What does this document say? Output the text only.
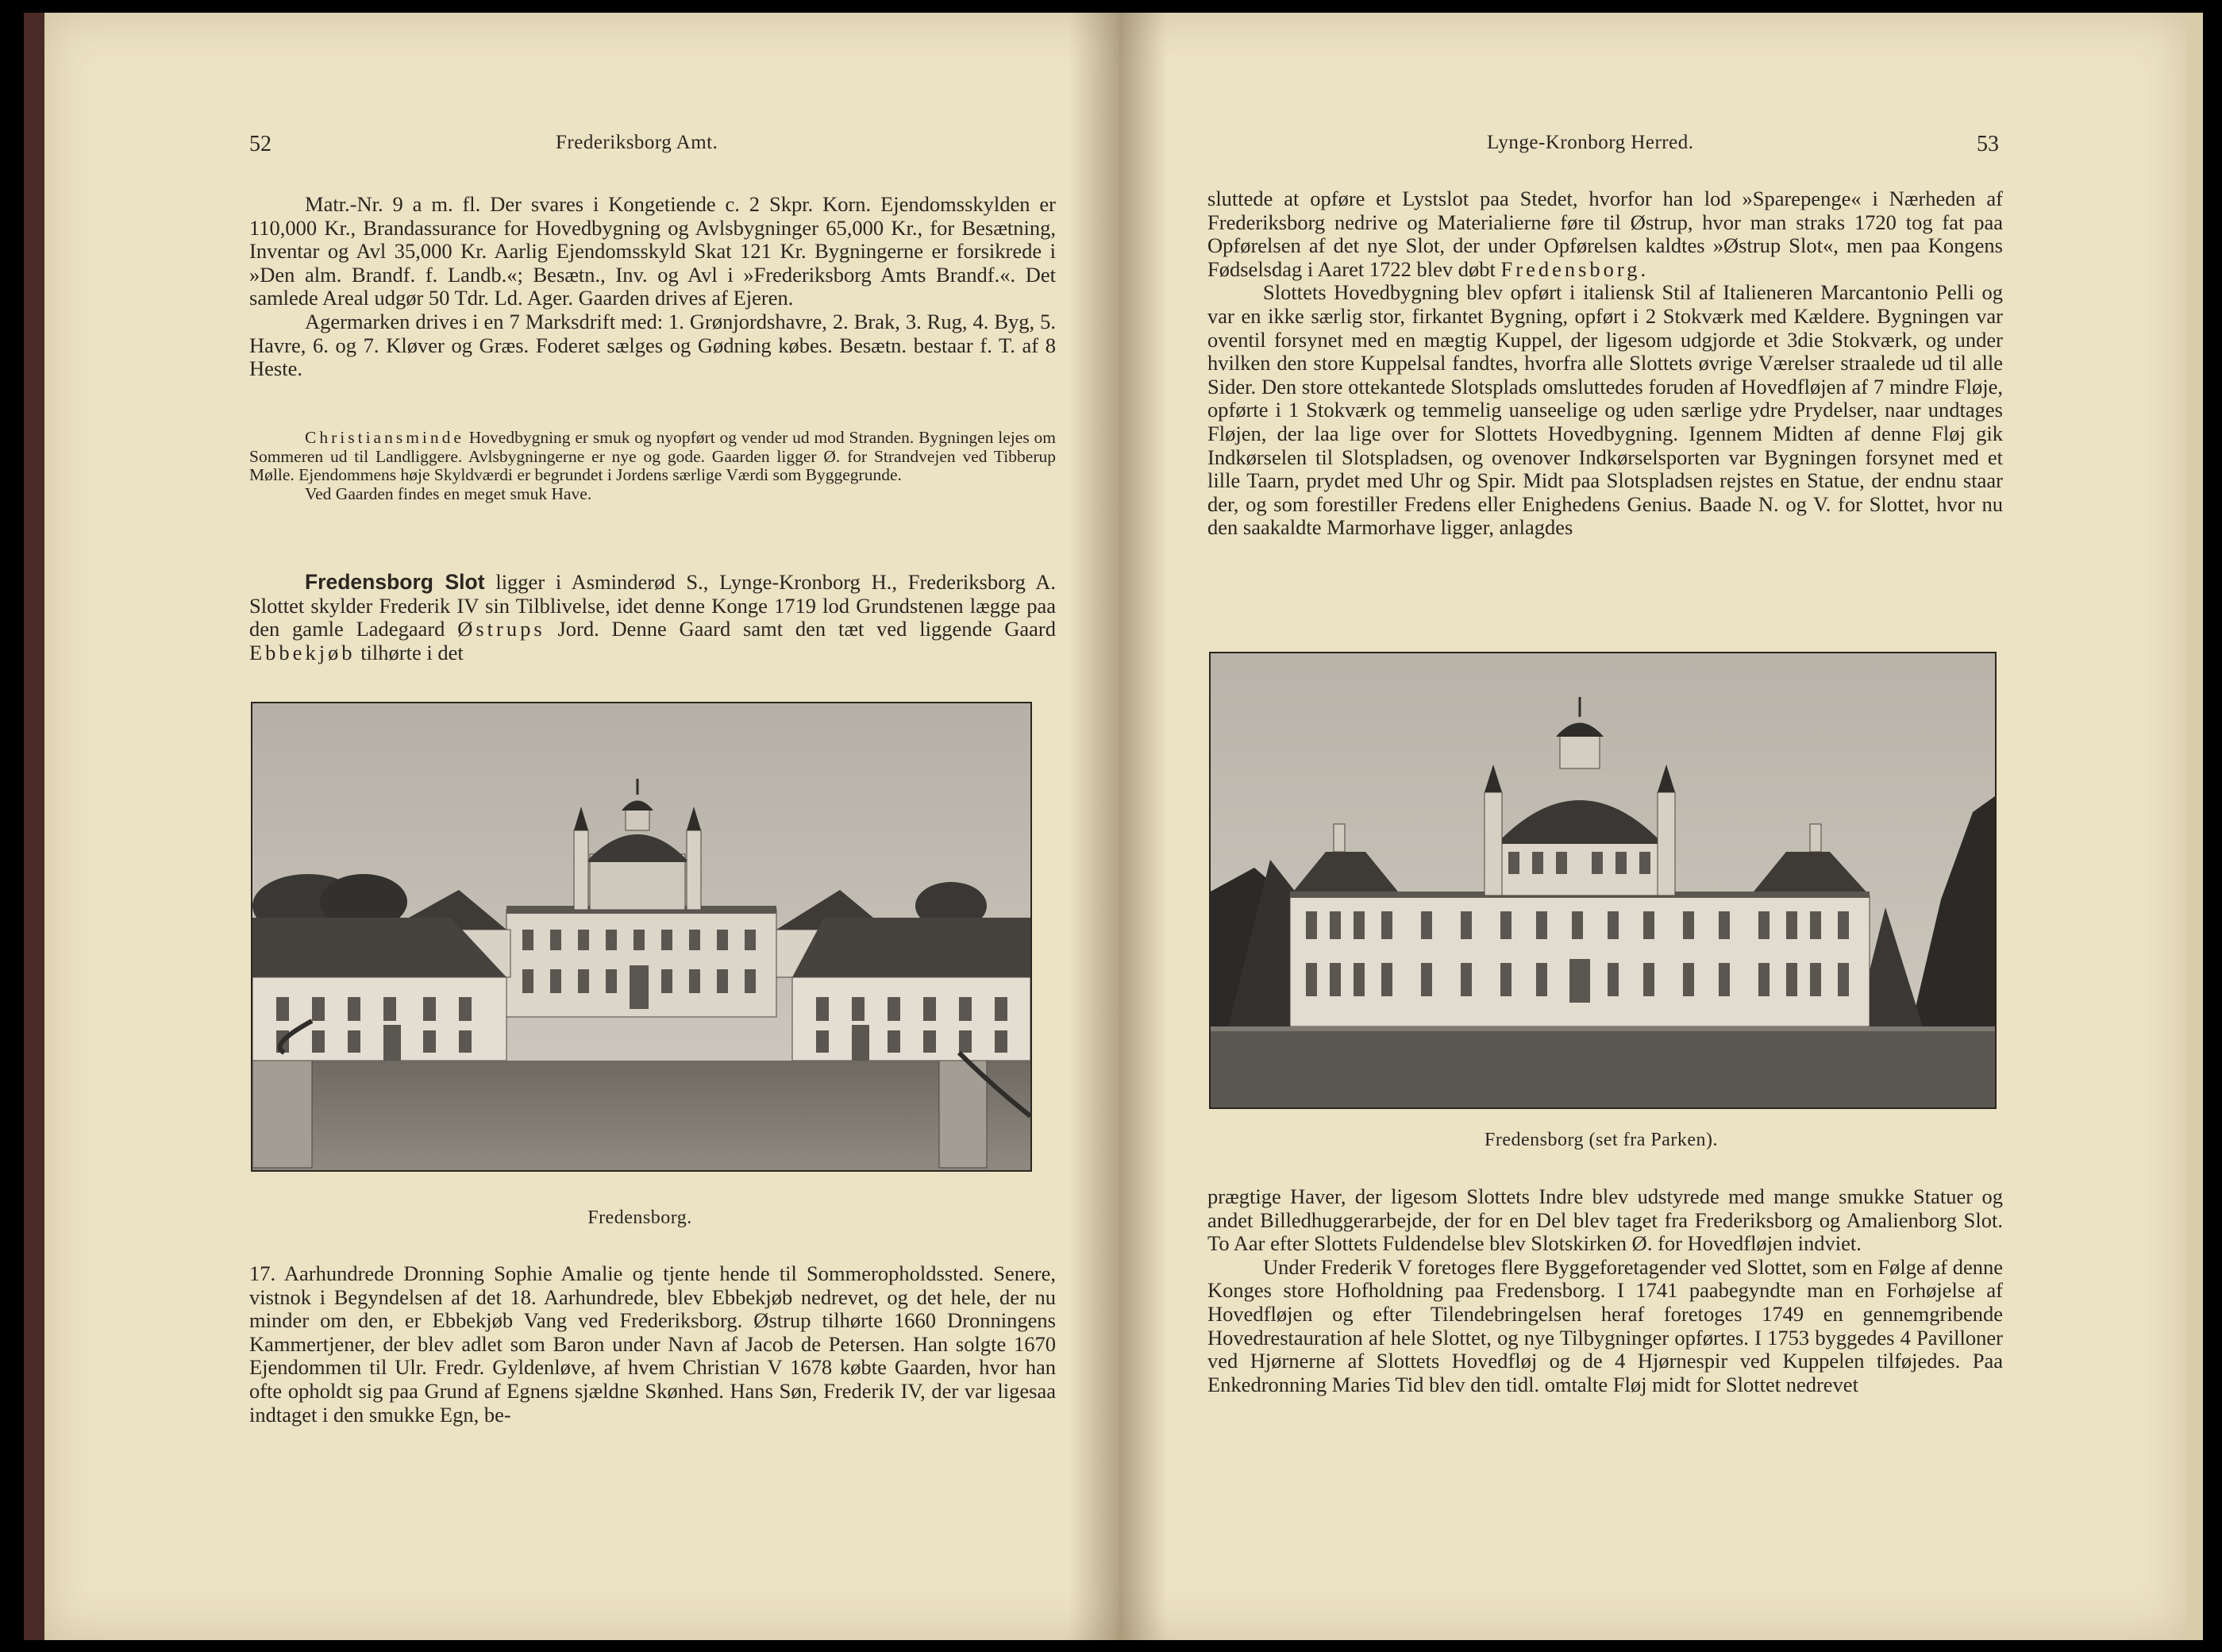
52	Frederiksborg Amt.

Matr.-Nr. 9 a m. fl. Der svares i Kongetiende c. 2 Skpr. Korn. Ejendomsskylden er 110,000 Kr., Brandassurance for Hovedbygning og Avlsbygninger 65,000 Kr., for Besætning, Inventar og Avl 35,000 Kr. Aarlig Ejendomsskyld Skat 121 Kr. Bygningerne er forsikrede i »Den alm. Brandf. f. Landb.«; Besætn., Inv. og Avl i »Frederiksborg Amts Brandf.«. Det samlede Areal udgør 50 Tdr. Ld. Ager. Gaarden drives af Ejeren.

Agermarken drives i en 7 Marksdrift med: 1. Grønjordshavre, 2. Brak, 3. Rug, 4. Byg, 5. Havre, 6. og 7. Kløver og Græs. Foderet sælges og Gødning købes. Besætn. bestaar f. T. af 8 Heste.

Christiansminde Hovedbygning er smuk og nyopført og vender ud mod Stranden. Bygningen lejes om Sommeren ud til Landliggere. Avlsbygningerne er nye og gode. Gaarden ligger Ø. for Strandvejen ved Tibberup Mølle. Ejendommens høje Skyldværdi er begrundet i Jordens særlige Værdi som Byggegrunde.

Ved Gaarden findes en meget smuk Have.

Fredensborg Slot ligger i Asminderød S., Lynge-Kronborg H., Frederiksborg A. Slottet skylder Frederik IV sin Tilblivelse, idet denne Konge 1719 lod Grundstenen lægge paa den gamle Ladegaard Østrups Jord. Denne Gaard samt den tæt ved liggende Gaard Ebbekjøb tilhørte i det

Fredensborg.

17. Aarhundrede Dronning Sophie Amalie og tjente hende til Sommeropholdssted. Senere, vistnok i Begyndelsen af det 18. Aarhundrede, blev Ebbekjøb nedrevet, og det hele, der nu minder om den, er Ebbekjøb Vang ved Frederiksborg. Østrup tilhørte 1660 Dronningens Kammertjener, der blev adlet som Baron under Navn af Jacob de Petersen. Han solgte 1670 Ejendommen til Ulr. Fredr. Gyldenløve, af hvem Christian V 1678 købte Gaarden, hvor han ofte opholdt sig paa Grund af Egnens sjældne Skønhed. Hans Søn, Frederik IV, der var ligesaa indtaget i den smukke Egn, be-

Lynge-Kronborg Herred.	53

sluttede at opføre et Lystslot paa Stedet, hvorfor han lod »Sparepenge« i Nærheden af Frederiksborg nedrive og Materialierne føre til Østrup, hvor man straks 1720 tog fat paa Opførelsen af det nye Slot, der under Opførelsen kaldtes »Østrup Slot«, men paa Kongens Fødselsdag i Aaret 1722 blev døbt Fredensborg.

Slottets Hovedbygning blev opført i italiensk Stil af Italieneren Marcantonio Pelli og var en ikke særlig stor, firkantet Bygning, opført i 2 Stokværk med Kældere. Bygningen var oventil forsynet med en mægtig Kuppel, der ligesom udgjorde et 3die Stokværk, og under hvilken den store Kuppelsal fandtes, hvorfra alle Slottets øvrige Værelser straalede ud til alle Sider. Den store ottekantede Slotsplads omsluttedes foruden af Hovedfløjen af 7 mindre Fløje, opførte i 1 Stokværk og temmelig uanseelige og uden særlige ydre Prydelser, naar undtages Fløjen, der laa lige over for Slottets Hovedbygning. Igennem Midten af denne Fløj gik Indkørselen til Slotspladsen, og ovenover Indkørselsporten var Bygningen forsynet med et lille Taarn, prydet med Uhr og Spir. Midt paa Slotspladsen rejstes en Statue, der endnu staar der, og som forestiller Fredens eller Enighedens Genius. Baade N. og V. for Slottet, hvor nu den saakaldte Marmorhave ligger, anlagdes

Fredensborg (set fra Parken).

prægtige Haver, der ligesom Slottets Indre blev udstyrede med mange smukke Statuer og andet Billedhuggerarbejde, der for en Del blev taget fra Frederiksborg og Amalienborg Slot. To Aar efter Slottets Fuldendelse blev Slotskirken Ø. for Hovedfløjen indviet.

Under Frederik V foretoges flere Byggeforetagender ved Slottet, som en Følge af denne Konges store Hofholdning paa Fredensborg. I 1741 paabegyndte man en Forhøjelse af Hovedfløjen og efter Tilendebringelsen heraf foretoges 1749 en gennemgribende Hovedrestauration af hele Slottet, og nye Tilbygninger opførtes. I 1753 byggedes 4 Pavilloner ved Hjørnerne af Slottets Hovedfløj og de 4 Hjørnespir ved Kuppelen tilføjedes. Paa Enkedronning Maries Tid blev den tidl. omtalte Fløj midt for Slottet nedrevet
